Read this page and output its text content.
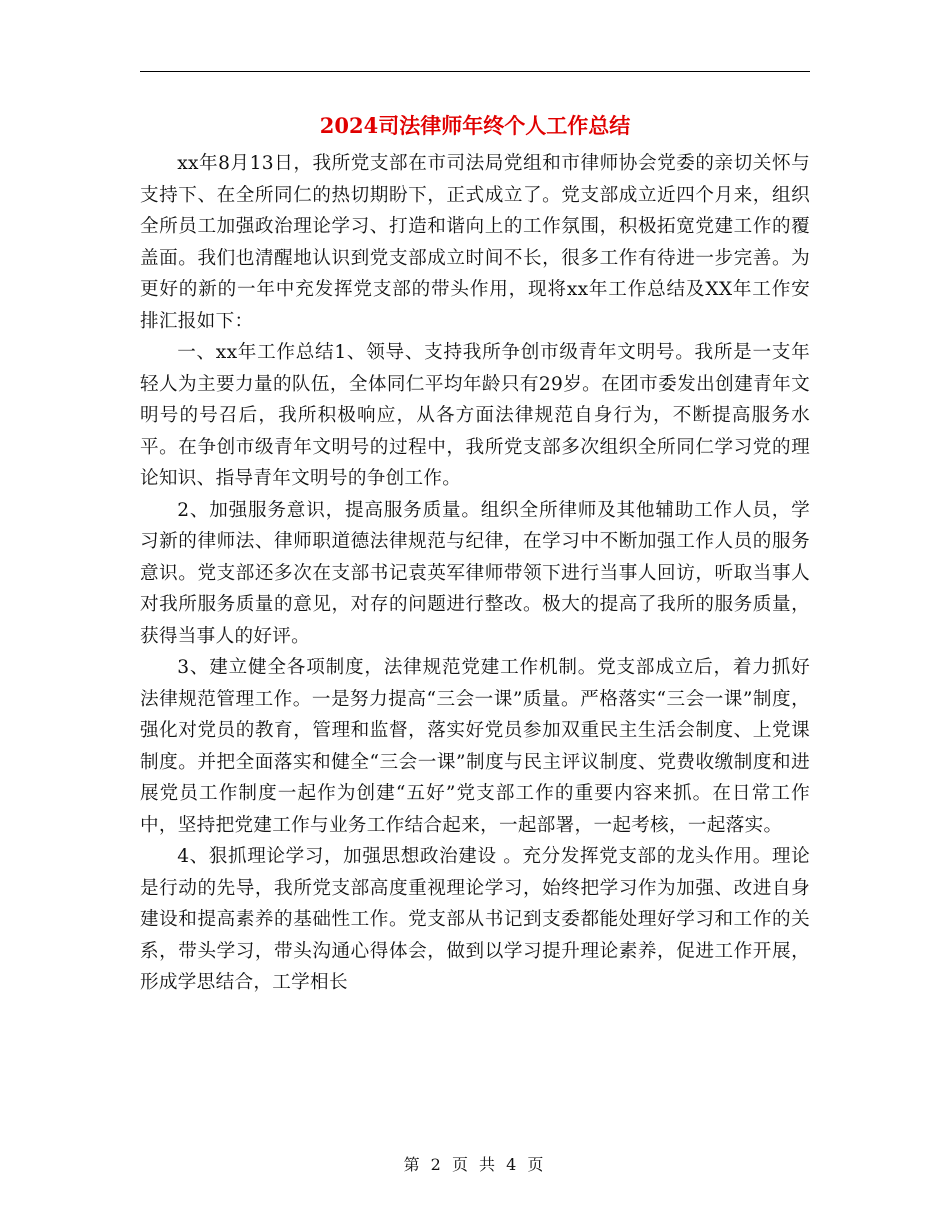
2024司法律师年终个人工作总结

xx年8月13日，我所党支部在市司法局党组和市律师协会党委的亲切关怀与支持下、在全所同仁的热切期盼下，正式成立了。党支部成立近四个月来，组织全所员工加强政治理论学习、打造和谐向上的工作氛围，积极拓宽党建工作的覆盖面。我们也清醒地认识到党支部成立时间不长，很多工作有待进一步完善。为更好的新的一年中充发挥党支部的带头作用，现将xx年工作总结及XX年工作安排汇报如下：

一、xx年工作总结1、领导、支持我所争创市级青年文明号。我所是一支年轻人为主要力量的队伍，全体同仁平均年龄只有29岁。在团市委发出创建青年文明号的号召后，我所积极响应，从各方面法律规范自身行为，不断提高服务水平。在争创市级青年文明号的过程中，我所党支部多次组织全所同仁学习党的理论知识、指导青年文明号的争创工作。

2、加强服务意识，提高服务质量。组织全所律师及其他辅助工作人员，学习新的律师法、律师职道德法律规范与纪律，在学习中不断加强工作人员的服务意识。党支部还多次在支部书记袁英军律师带领下进行当事人回访，听取当事人对我所服务质量的意见，对存的问题进行整改。极大的提高了我所的服务质量，获得当事人的好评。

3、建立健全各项制度，法律规范党建工作机制。党支部成立后，着力抓好法律规范管理工作。一是努力提高“三会一课”质量。严格落实“三会一课”制度，强化对党员的教育，管理和监督，落实好党员参加双重民主生活会制度、上党课制度。并把全面落实和健全“三会一课”制度与民主评议制度、党费收缴制度和进展党员工作制度一起作为创建“五好”党支部工作的重要内容来抓。在日常工作中，坚持把党建工作与业务工作结合起来，一起部署，一起考核，一起落实。

4、狠抓理论学习，加强思想政治建设 。充分发挥党支部的龙头作用。理论是行动的先导，我所党支部高度重视理论学习，始终把学习作为加强、改进自身建设和提高素养的基础性工作。党支部从书记到支委都能处理好学习和工作的关系，带头学习，带头沟通心得体会，做到以学习提升理论素养，促进工作开展，形成学思结合，工学相长

第 2 页 共 4 页
